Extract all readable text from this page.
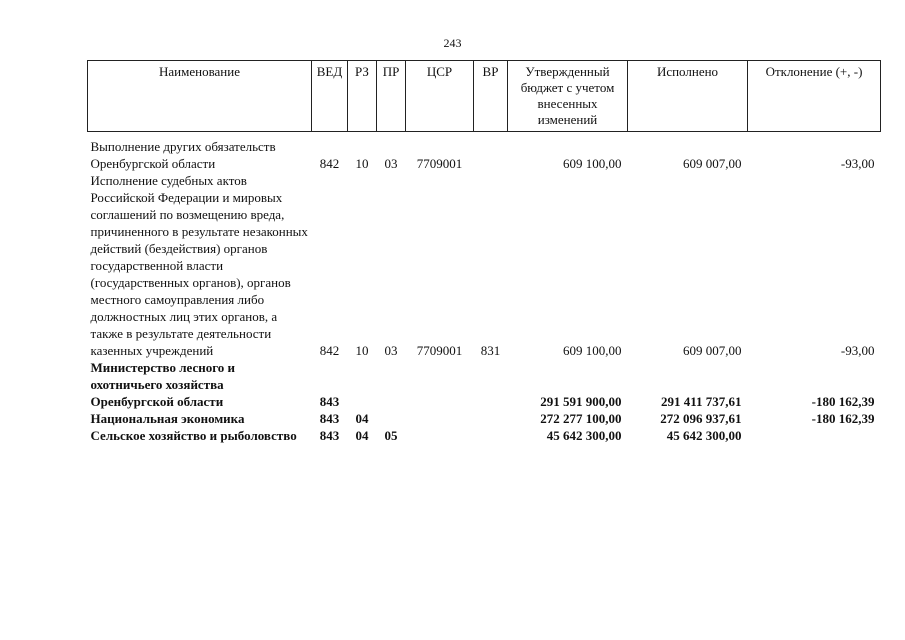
243
Наименование	ВЕД	РЗ	ПР	ЦСР	ВР	Утвержденный бюджет с учетом внесенных изменений	Исполнено	Отклонение (+, -)

Выполнение других обязательств Оренбургской области	842	10	03	7709001		609 100,00	609 007,00	-93,00
Исполнение судебных актов Российской Федерации и мировых соглашений по возмещению вреда, причиненного в результате незаконных действий (бездействия) органов государственной власти (государственных органов), органов местного самоуправления либо должностных лиц этих органов, а также в результате деятельности казенных учреждений	842	10	03	7709001	831	609 100,00	609 007,00	-93,00
Министерство лесного и охотничьего хозяйства Оренбургской области	843					291 591 900,00	291 411 737,61	-180 162,39
Национальная экономика	843	04				272 277 100,00	272 096 937,61	-180 162,39
Сельское хозяйство и рыболовство	843	04	05			45 642 300,00	45 642 300,00	
